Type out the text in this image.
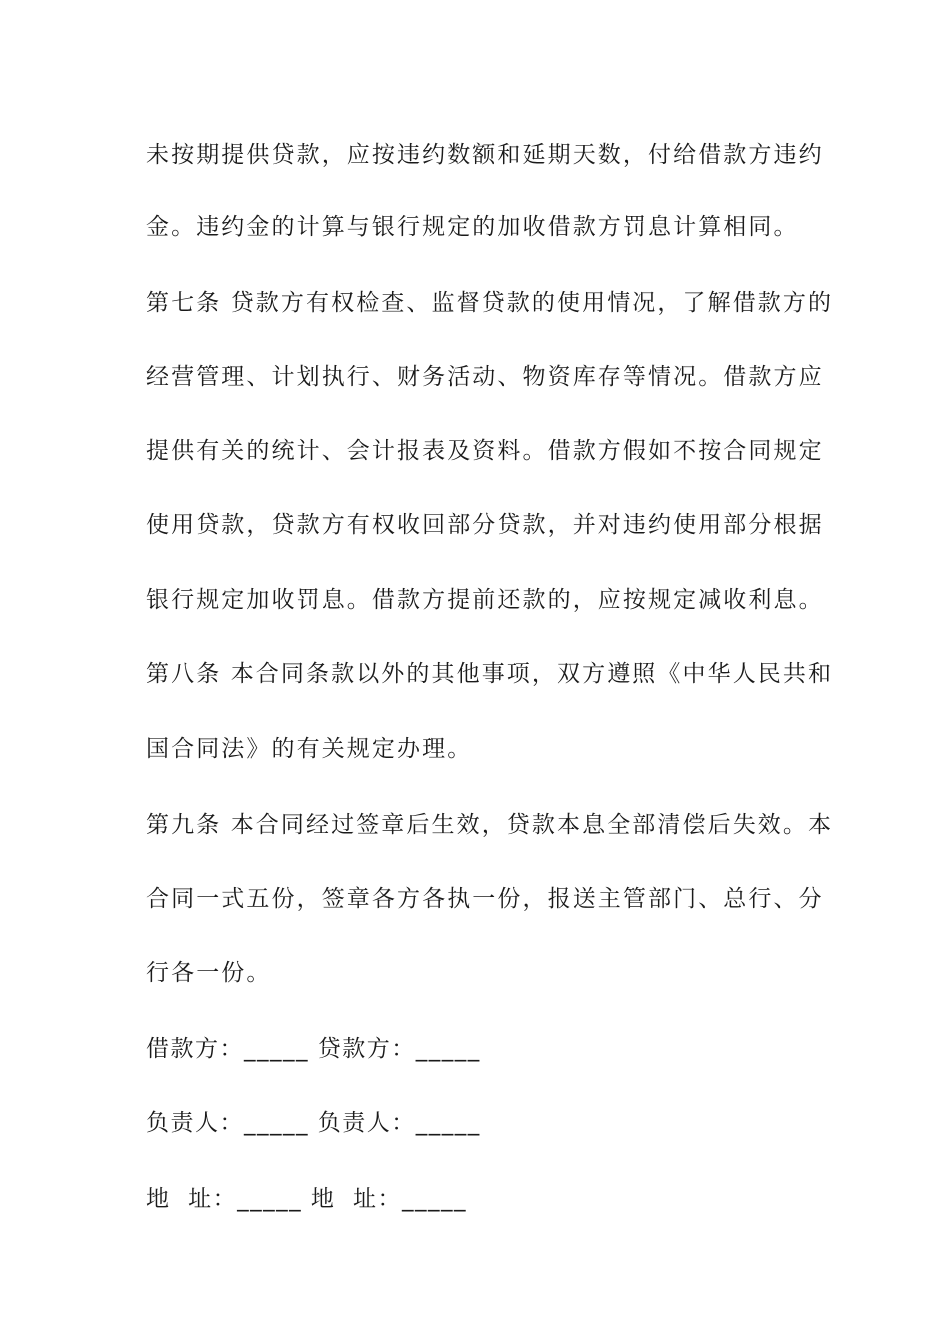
未按期提供贷款，应按违约数额和延期天数，付给借款方违约
金。违约金的计算与银行规定的加收借款方罚息计算相同。
第七条 贷款方有权检查、监督贷款的使用情况，了解借款方的
经营管理、计划执行、财务活动、物资库存等情况。借款方应
提供有关的统计、会计报表及资料。借款方假如不按合同规定
使用贷款，贷款方有权收回部分贷款，并对违约使用部分根据
银行规定加收罚息。借款方提前还款的，应按规定减收利息。
第八条 本合同条款以外的其他事项，双方遵照《中华人民共和
国合同法》的有关规定办理。
第九条 本合同经过签章后生效，贷款本息全部清偿后失效。本
合同一式五份，签章各方各执一份，报送主管部门、总行、分
行各一份。
借款方：_____ 贷款方：_____
负责人：_____ 负责人：_____
地  址：_____ 地  址：_____
